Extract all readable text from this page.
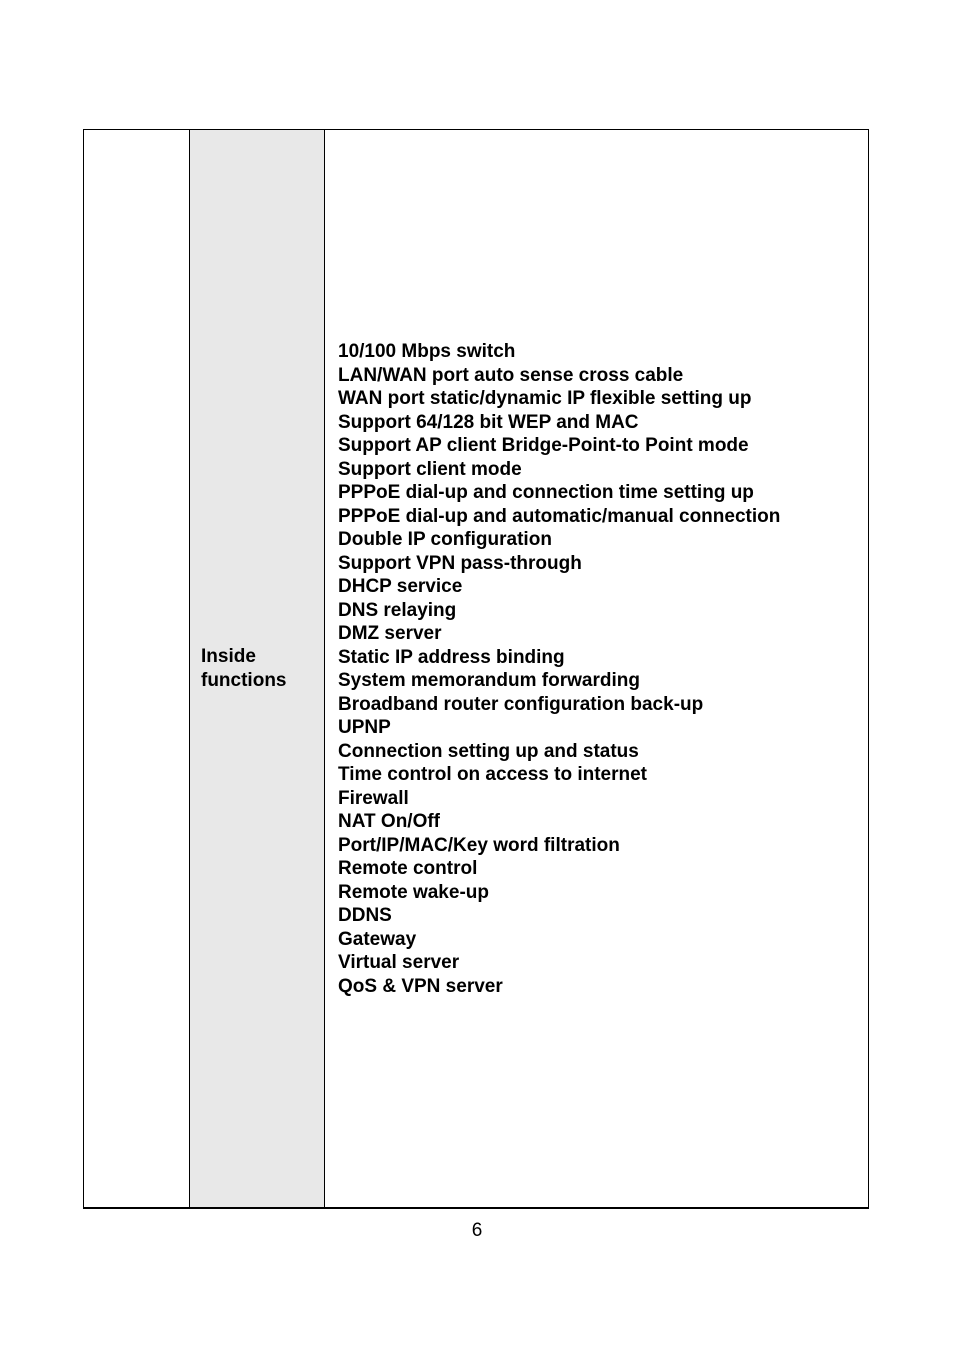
Inside
functions
10/100 Mbps switch
LAN/WAN port auto sense cross cable
WAN port static/dynamic IP flexible setting up
Support 64/128 bit WEP and MAC
Support AP client Bridge-Point-to Point mode
Support client mode
PPPoE dial-up and connection time setting up
PPPoE dial-up and automatic/manual connection
Double IP configuration
Support VPN pass-through
DHCP service
DNS relaying
DMZ server
Static IP address binding
System memorandum forwarding
Broadband router configuration back-up
UPNP
Connection setting up and status
Time control on access to internet
Firewall
NAT On/Off
Port/IP/MAC/Key word filtration
Remote control
Remote wake-up
DDNS
Gateway
Virtual server
QoS & VPN server
6
